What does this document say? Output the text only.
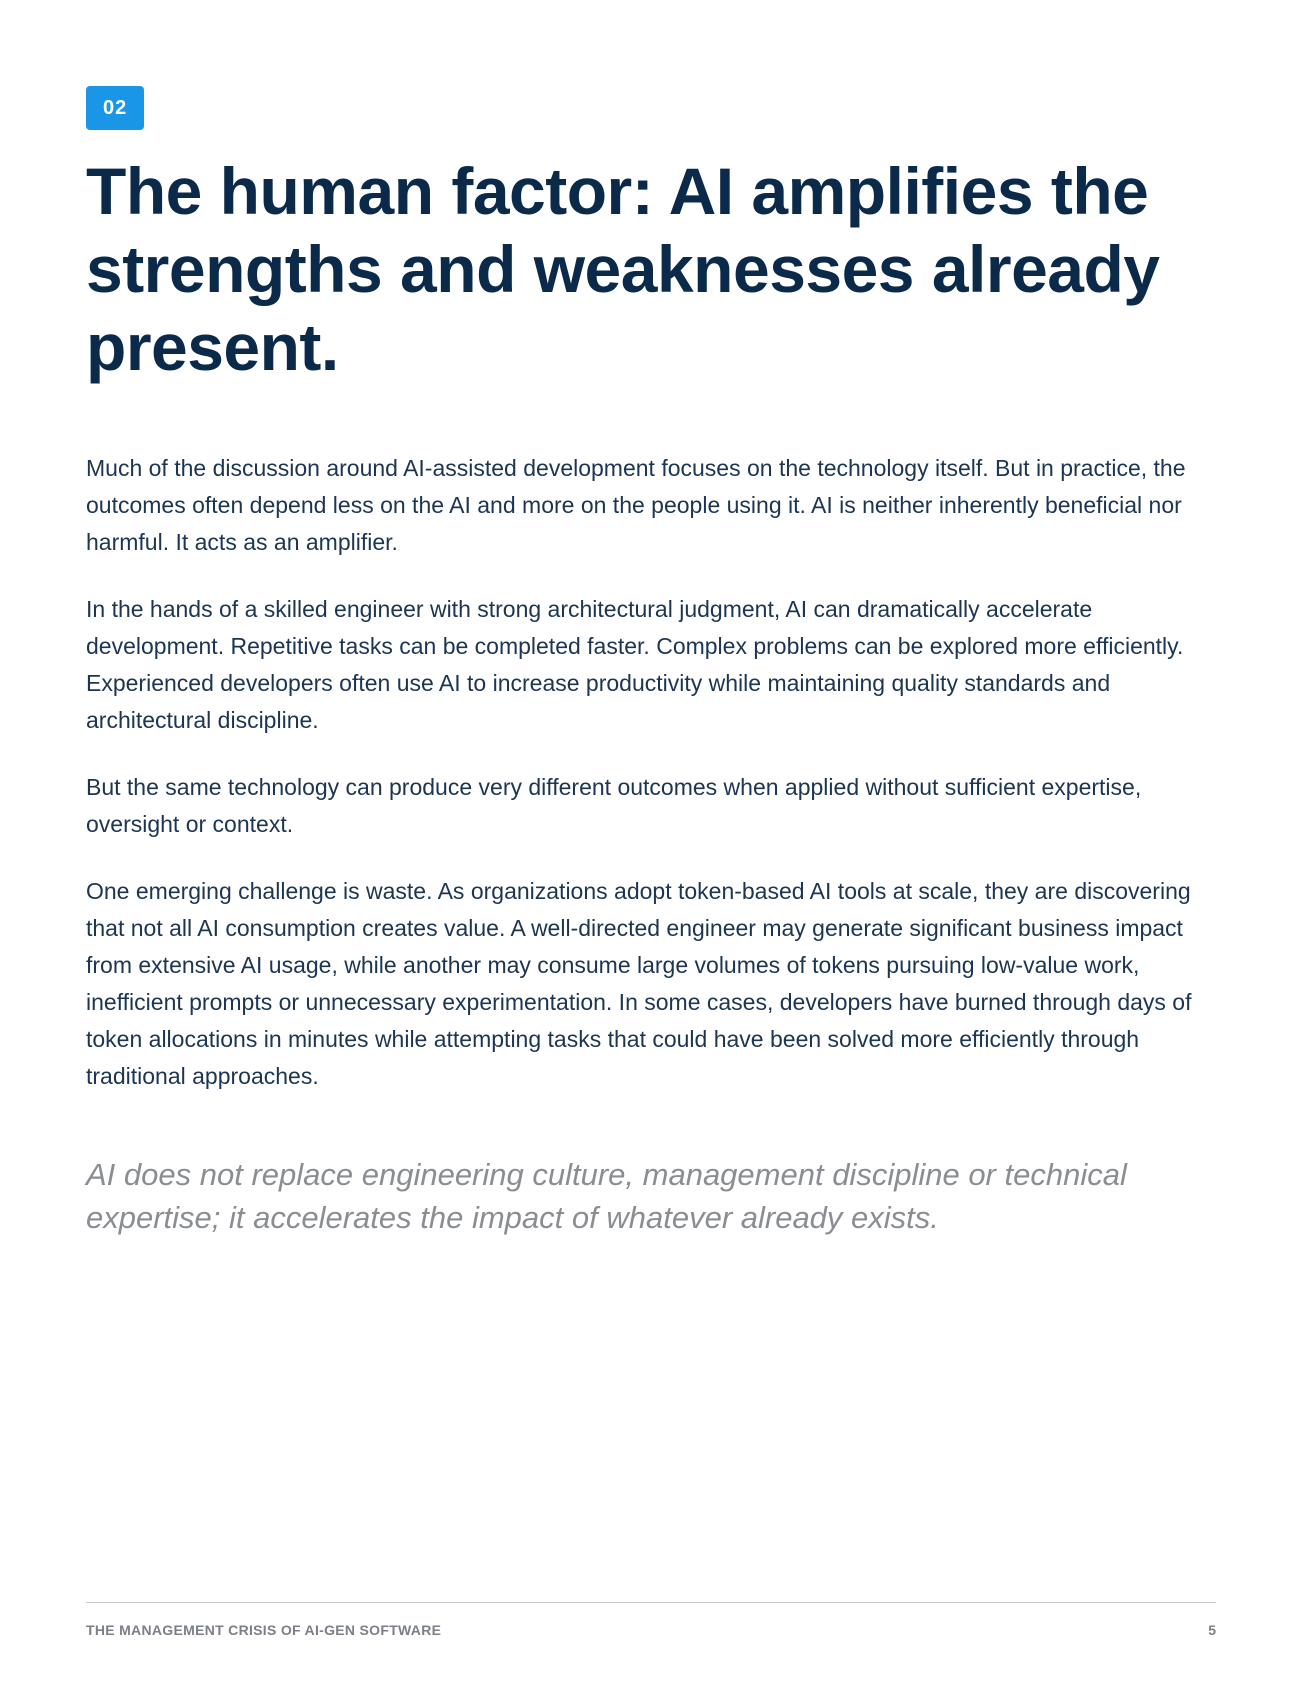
02
The human factor: AI amplifies the strengths and weaknesses already present.

Much of the discussion around AI-assisted development focuses on the technology itself. But in practice, the outcomes often depend less on the AI and more on the people using it. AI is neither inherently beneficial nor harmful. It acts as an amplifier.

In the hands of a skilled engineer with strong architectural judgment, AI can dramatically accelerate development. Repetitive tasks can be completed faster. Complex problems can be explored more efficiently. Experienced developers often use AI to increase productivity while maintaining quality standards and architectural discipline.

But the same technology can produce very different outcomes when applied without sufficient expertise, oversight or context.

One emerging challenge is waste. As organizations adopt token-based AI tools at scale, they are discovering that not all AI consumption creates value. A well-directed engineer may generate significant business impact from extensive AI usage, while another may consume large volumes of tokens pursuing low-value work, inefficient prompts or unnecessary experimentation. In some cases, developers have burned through days of token allocations in minutes while attempting tasks that could have been solved more efficiently through traditional approaches.

AI does not replace engineering culture, management discipline or technical expertise; it accelerates the impact of whatever already exists.
THE MANAGEMENT CRISIS OF AI-GEN SOFTWARE	5
